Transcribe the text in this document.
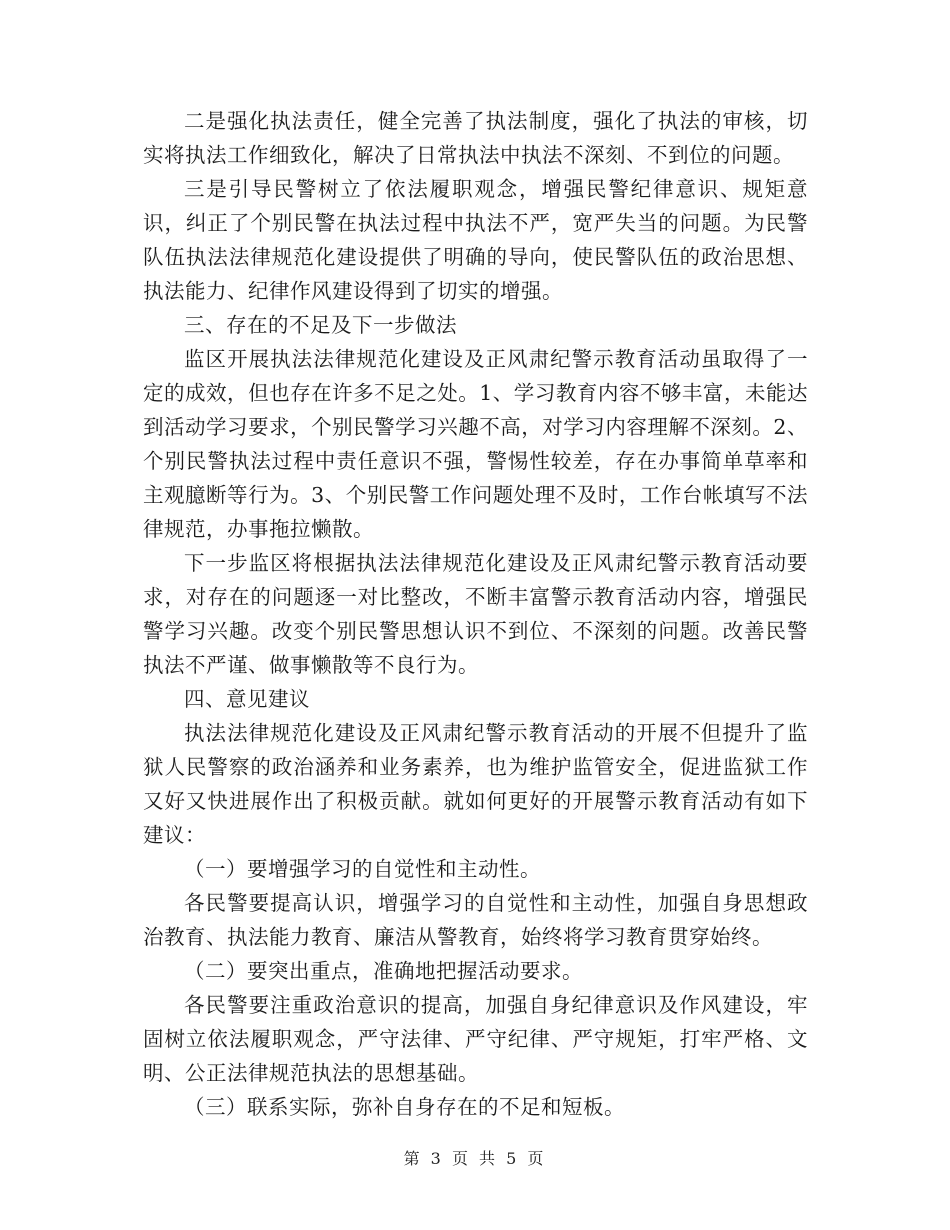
二是强化执法责任，健全完善了执法制度，强化了执法的审核，切实将执法工作细致化，解决了日常执法中执法不深刻、不到位的问题。

三是引导民警树立了依法履职观念，增强民警纪律意识、规矩意识，纠正了个别民警在执法过程中执法不严，宽严失当的问题。为民警队伍执法法律规范化建设提供了明确的导向，使民警队伍的政治思想、执法能力、纪律作风建设得到了切实的增强。

三、存在的不足及下一步做法

监区开展执法法律规范化建设及正风肃纪警示教育活动虽取得了一定的成效，但也存在许多不足之处。1、学习教育内容不够丰富，未能达到活动学习要求，个别民警学习兴趣不高，对学习内容理解不深刻。2、个别民警执法过程中责任意识不强，警惕性较差，存在办事简单草率和主观臆断等行为。3、个别民警工作问题处理不及时，工作台帐填写不法律规范，办事拖拉懒散。

下一步监区将根据执法法律规范化建设及正风肃纪警示教育活动要求，对存在的问题逐一对比整改，不断丰富警示教育活动内容，增强民警学习兴趣。改变个别民警思想认识不到位、不深刻的问题。改善民警执法不严谨、做事懒散等不良行为。

四、意见建议

执法法律规范化建设及正风肃纪警示教育活动的开展不但提升了监狱人民警察的政治涵养和业务素养，也为维护监管安全，促进监狱工作又好又快进展作出了积极贡献。就如何更好的开展警示教育活动有如下建议：

（一）要增强学习的自觉性和主动性。

各民警要提高认识，增强学习的自觉性和主动性，加强自身思想政治教育、执法能力教育、廉洁从警教育，始终将学习教育贯穿始终。

（二）要突出重点，准确地把握活动要求。

各民警要注重政治意识的提高，加强自身纪律意识及作风建设，牢固树立依法履职观念，严守法律、严守纪律、严守规矩，打牢严格、文明、公正法律规范执法的思想基础。

（三）联系实际，弥补自身存在的不足和短板。

第 3 页 共 5 页
